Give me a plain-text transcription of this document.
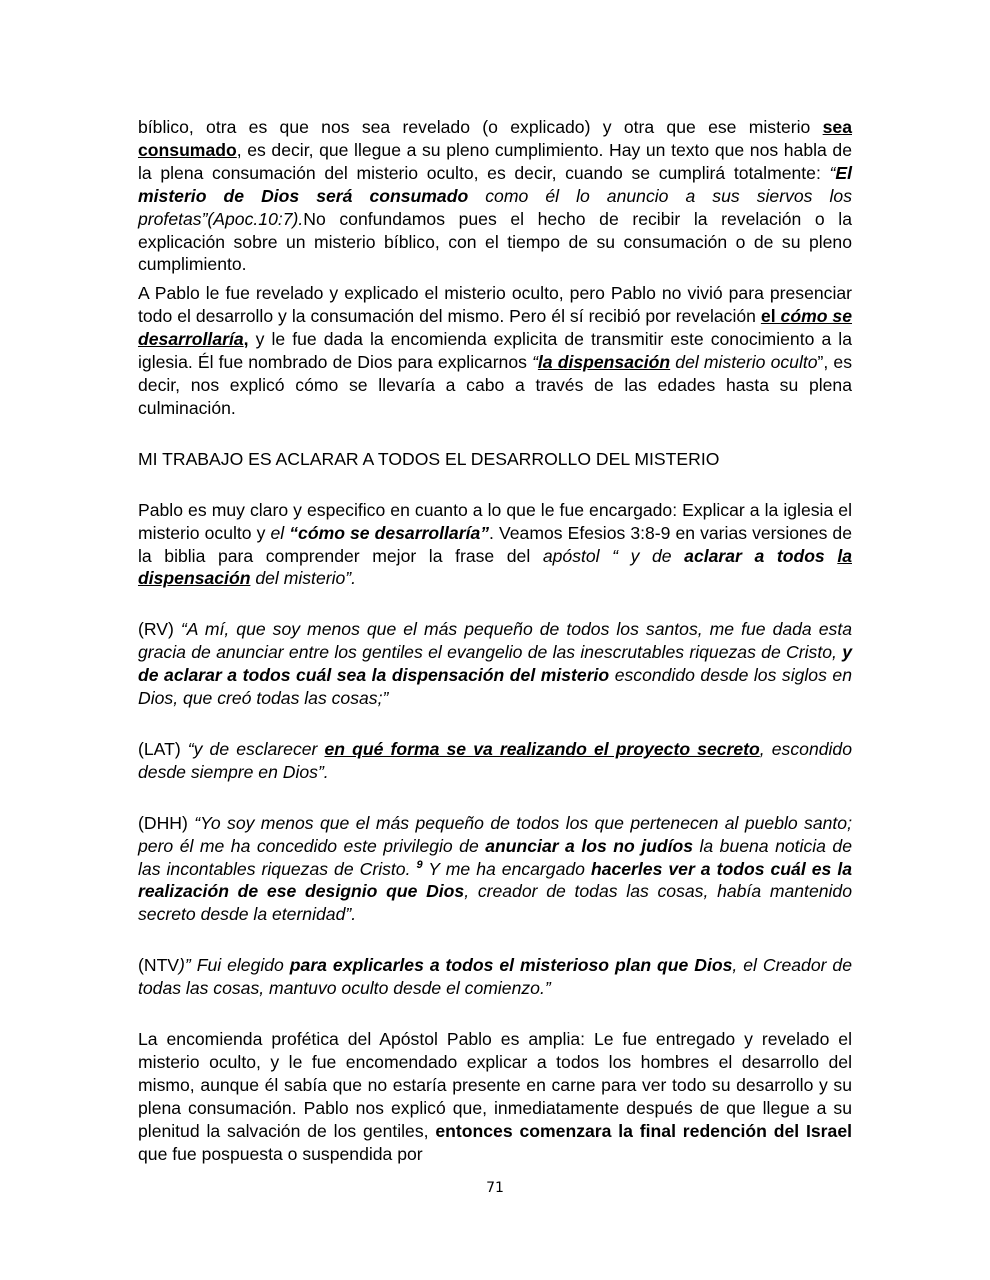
bíblico, otra es que nos sea revelado (o explicado) y otra que ese misterio sea consumado, es decir, que llegue a su pleno cumplimiento. Hay un texto que nos habla de la plena consumación del misterio oculto, es decir, cuando se cumplirá totalmente: “El misterio de Dios será consumado como él lo anuncio a sus siervos los profetas”(Apoc.10:7).No confundamos pues el hecho de recibir la revelación o la explicación sobre un misterio bíblico, con el tiempo de su consumación o de su pleno cumplimiento.

A Pablo le fue revelado y explicado el misterio oculto, pero Pablo no vivió para presenciar todo el desarrollo y la consumación del mismo. Pero él sí recibió por revelación el cómo se desarrollaría, y le fue dada la encomienda explicita de transmitir este conocimiento a la iglesia. Él fue nombrado de Dios para explicarnos “la dispensación del misterio oculto”, es decir, nos explicó cómo se llevaría a cabo a través de las edades hasta su plena culminación.

MI TRABAJO ES ACLARAR A TODOS EL DESARROLLO DEL MISTERIO

Pablo es muy claro y especifico en cuanto a lo que le fue encargado: Explicar a la iglesia el misterio oculto y el “cómo se desarrollaría”. Veamos Efesios 3:8-9 en varias versiones de la biblia para comprender mejor la frase del apóstol “ y de aclarar a todos la dispensación del misterio”.

(RV) “A mí, que soy menos que el más pequeño de todos los santos, me fue dada esta gracia de anunciar entre los gentiles el evangelio de las inescrutables riquezas de Cristo, y de aclarar a todos cuál sea la dispensación del misterio escondido desde los siglos en Dios, que creó todas las cosas;”

(LAT) “y de esclarecer en qué forma se va realizando el proyecto secreto, escondido desde siempre en Dios”.

(DHH) “Yo soy menos que el más pequeño de todos los que pertenecen al pueblo santo; pero él me ha concedido este privilegio de anunciar a los no judíos la buena noticia de las incontables riquezas de Cristo. $^9$ Y me ha encargado hacerles ver a todos cuál es la realización de ese designio que Dios, creador de todas las cosas, había mantenido secreto desde la eternidad”.

(NTV)” Fui elegido para explicarles a todos el misterioso plan que Dios, el Creador de todas las cosas, mantuvo oculto desde el comienzo.”

La encomienda profética del Apóstol Pablo es amplia: Le fue entregado y revelado el misterio oculto, y le fue encomendado explicar a todos los hombres el desarrollo del mismo, aunque él sabía que no estaría presente en carne para ver todo su desarrollo y su plena consumación. Pablo nos explicó que, inmediatamente después de que llegue a su plenitud la salvación de los gentiles, entonces comenzara la final redención del Israel que fue pospuesta o suspendida por

71
